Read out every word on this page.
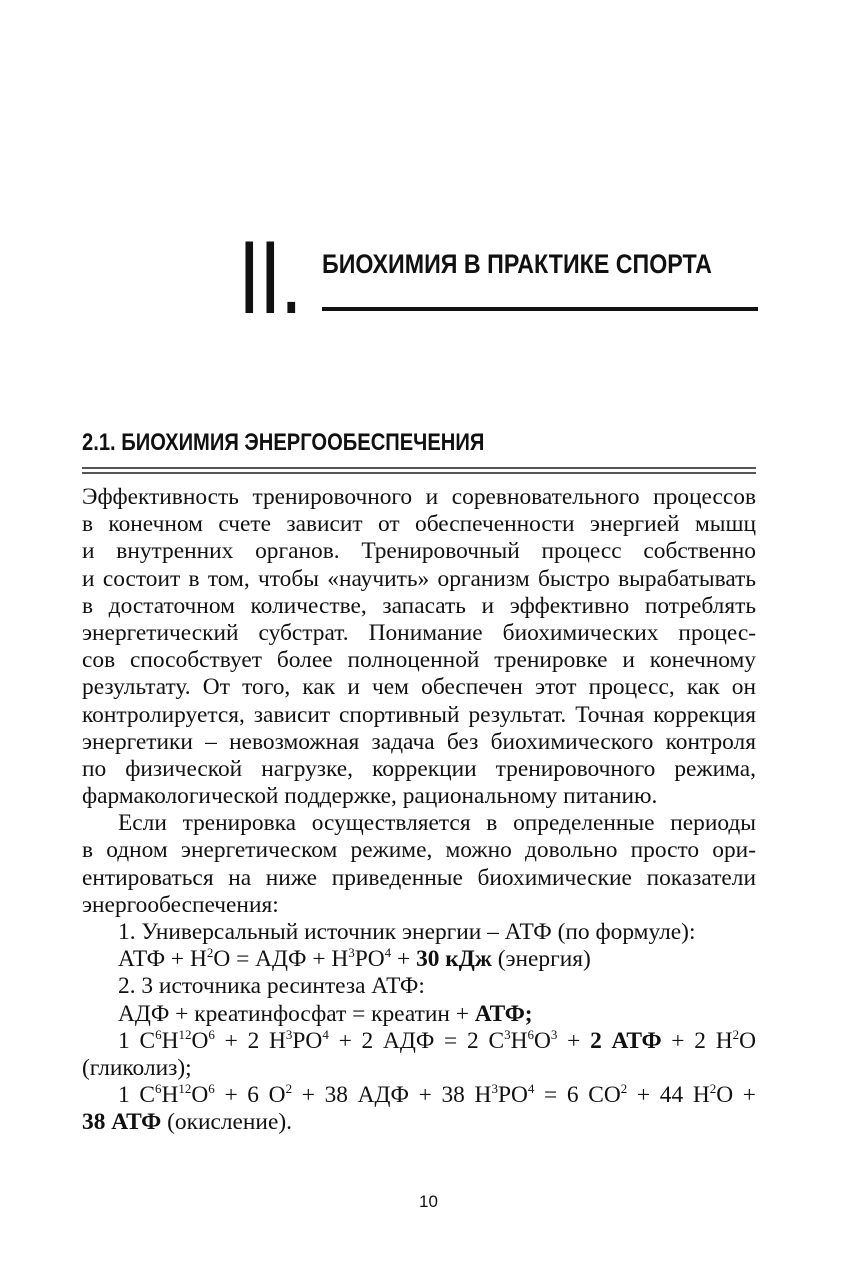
II. БИОХИМИЯ В ПРАКТИКЕ СПОРТА
2.1. БИОХИМИЯ ЭНЕРГООБЕСПЕЧЕНИЯ
Эффективность тренировочного и соревновательного процессов
в конечном счете зависит от обеспеченности энергией мышц
и внутренних органов. Тренировочный процесс собственно
и состоит в том, чтобы «научить» организм быстро вырабатывать
в достаточном количестве, запасать и эффективно потреблять
энергетический субстрат. Понимание биохимических процес-
сов способствует более полноценной тренировке и конечному
результату. От того, как и чем обеспечен этот процесс, как он
контролируется, зависит спортивный результат. Точная коррекция
энергетики – невозможная задача без биохимического контроля
по физической нагрузке, коррекции тренировочного режима,
фармакологической поддержке, рациональному питанию.
Если тренировка осуществляется в определенные периоды
в одном энергетическом режиме, можно довольно просто ори-
ентироваться на ниже приведенные биохимические показатели
энергообеспечения:
1. Универсальный источник энергии – АТФ (по формуле):
АТФ + $H^2O$ = АДФ + $H^3PO^4 + 30$ кДж (энергия)
2. 3 источника ресинтеза АТФ:
АДФ + креатинфосфат = креатин + АТФ;
1 $C^6H^{12}O^6 + 2$ $H^3PO^4 + 2$ АДФ = 2 $C^3H^6O^3 + 2$ АТФ + 2 $H^2O$
(гликолиз);
1 $C^6H^{12}O^6 + 6$ $O^2 + 38$ АДФ + 38 $H^3PO^4 = 6$ $CO^2 + 44$ $H^2O$ +
38 АТФ (окисление).
10
